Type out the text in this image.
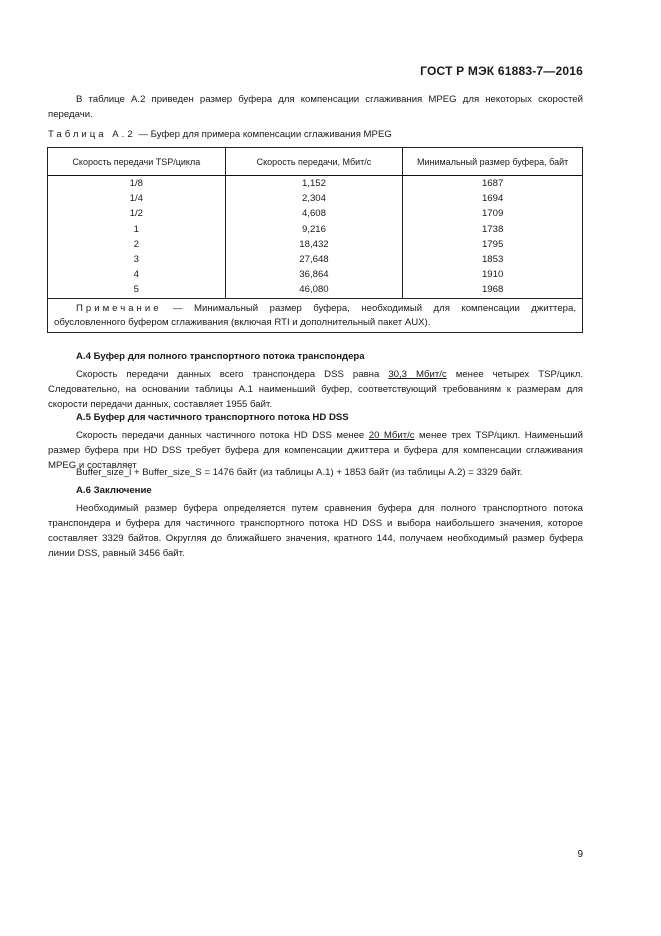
ГОСТ Р МЭК 61883-7—2016

В таблице А.2 приведен размер буфера для компенсации сглаживания MPEG для некоторых скоростей передачи.

Таблица А.2 — Буфер для примера компенсации сглаживания MPEG
Скорость передачи TSP/цикла	Скорость передачи, Мбит/с	Минимальный размер буфера, байт
1/8	1,152	1687
1/4	2,304	1694
1/2	4,608	1709
1	9,216	1738
2	18,432	1795
3	27,648	1853
4	36,864	1910
5	46,080	1968
Примечание — Минимальный размер буфера, необходимый для компенсации джиттера, обусловленного буфером сглаживания (включая RTI и дополнительный пакет AUX).		
А.4 Буфер для полного транспортного потока транспондера

Скорость передачи данных всего транспондера DSS равна 30,3 Мбит/с менее четырех TSP/цикл. Следовательно, на основании таблицы А.1 наименьший буфер, соответствующий требованиям к размерам для скорости передачи данных, составляет 1955 байт.

А.5 Буфер для частичного транспортного потока HD DSS

Скорость передачи данных частичного потока HD DSS менее 20 Мбит/с менее трех TSP/цикл. Наименьший размер буфера при HD DSS требует буфера для компенсации джиттера и буфера для компенсации сглаживания MPEG и составляет

Buffer_size_l + Buffer_size_S = 1476 байт (из таблицы А.1) + 1853 байт (из таблицы А.2) = 3329 байт.
А.6 Заключение

Необходимый размер буфера определяется путем сравнения буфера для полного транспортного потока транспондера и буфера для частичного транспортного потока HD DSS и выбора наибольшего значения, которое составляет 3329 байтов. Округляя до ближайшего значения, кратного 144, получаем необходимый размер буфера линии DSS, равный 3456 байт.

9
